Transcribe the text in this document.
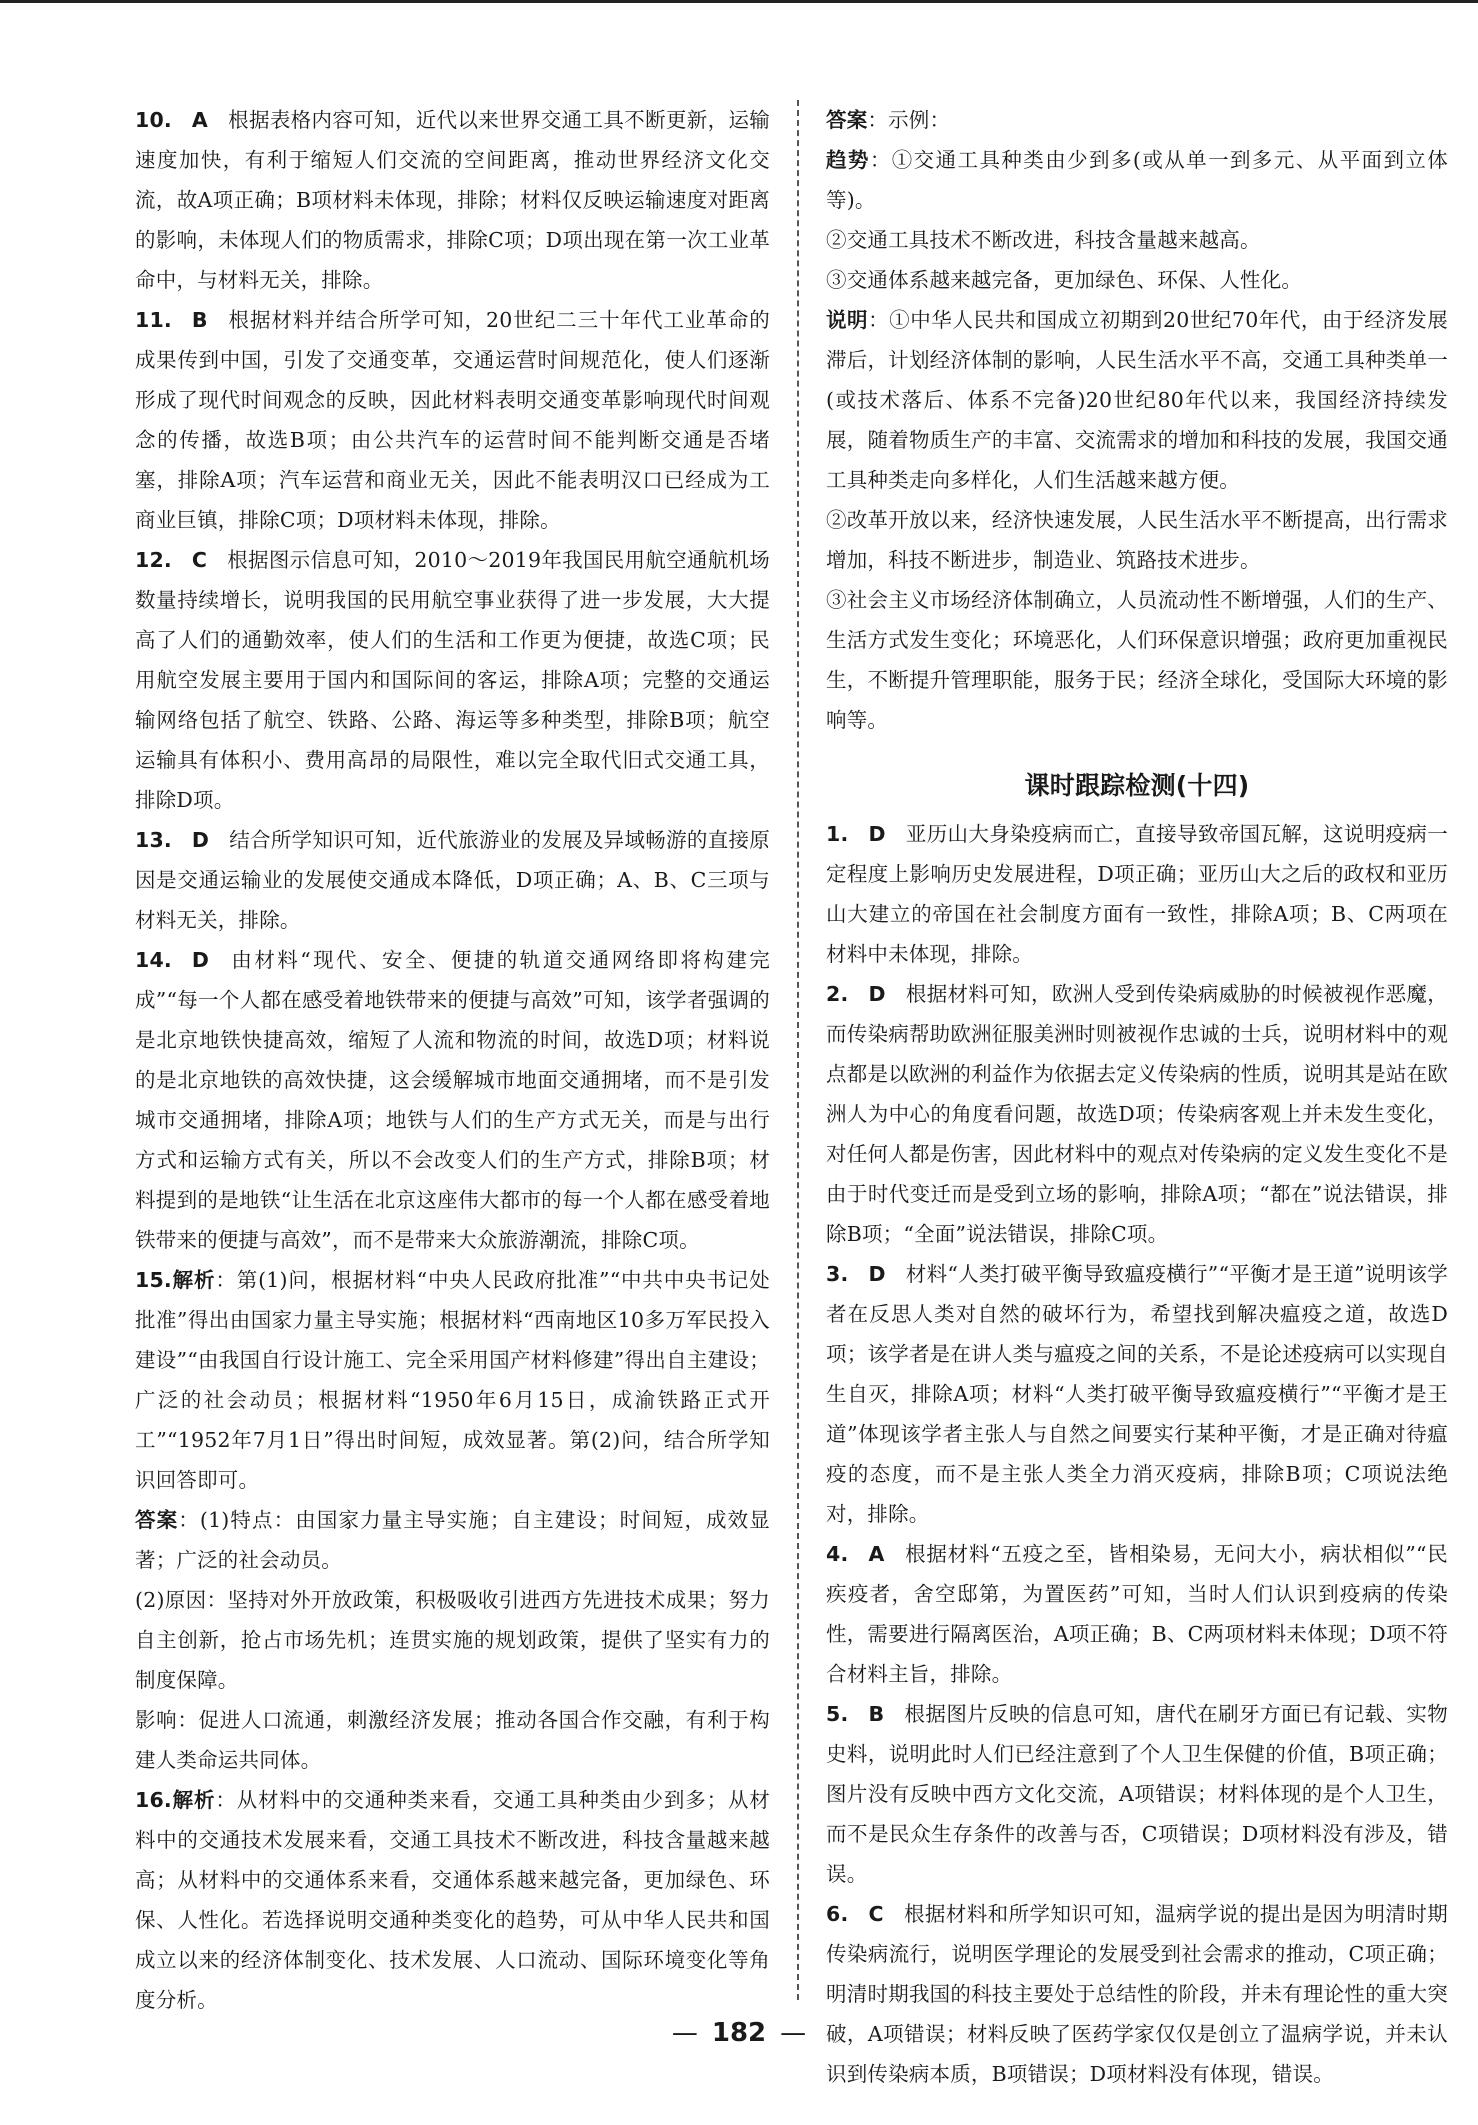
10. A 根据表格内容可知，近代以来世界交通工具不断更新，运输速度加快，有利于缩短人们交流的空间距离，推动世界经济文化交流，故A项正确；B项材料未体现，排除；材料仅反映运输速度对距离的影响，未体现人们的物质需求，排除C项；D项出现在第一次工业革命中，与材料无关，排除。

11. B 根据材料并结合所学可知，20世纪二三十年代工业革命的成果传到中国，引发了交通变革，交通运营时间规范化，使人们逐渐形成了现代时间观念的反映，因此材料表明交通变革影响现代时间观念的传播，故选B项；由公共汽车的运营时间不能判断交通是否堵塞，排除A项；汽车运营和商业无关，因此不能表明汉口已经成为工商业巨镇，排除C项；D项材料未体现，排除。

12. C 根据图示信息可知，2010～2019年我国民用航空通航机场数量持续增长，说明我国的民用航空事业获得了进一步发展，大大提高了人们的通勤效率，使人们的生活和工作更为便捷，故选C项；民用航空发展主要用于国内和国际间的客运，排除A项；完整的交通运输网络包括了航空、铁路、公路、海运等多种类型，排除B项；航空运输具有体积小、费用高昂的局限性，难以完全取代旧式交通工具，排除D项。

13. D 结合所学知识可知，近代旅游业的发展及异域畅游的直接原因是交通运输业的发展使交通成本降低，D项正确；A、B、C三项与材料无关，排除。

14. D 由材料“现代、安全、便捷的轨道交通网络即将构建完成”“每一个人都在感受着地铁带来的便捷与高效”可知，该学者强调的是北京地铁快捷高效，缩短了人流和物流的时间，故选D项；材料说的是北京地铁的高效快捷，这会缓解城市地面交通拥堵，而不是引发城市交通拥堵，排除A项；地铁与人们的生产方式无关，而是与出行方式和运输方式有关，所以不会改变人们的生产方式，排除B项；材料提到的是地铁“让生活在北京这座伟大都市的每一个人都在感受着地铁带来的便捷与高效”，而不是带来大众旅游潮流，排除C项。

15.解析：第(1)问，根据材料“中央人民政府批准”“中共中央书记处批准”得出由国家力量主导实施；根据材料“西南地区10多万军民投入建设”“由我国自行设计施工、完全采用国产材料修建”得出自主建设；广泛的社会动员；根据材料“1950年6月15日，成渝铁路正式开工”“1952年7月1日”得出时间短，成效显著。第(2)问，结合所学知识回答即可。

答案：(1)特点：由国家力量主导实施；自主建设；时间短，成效显著；广泛的社会动员。

(2)原因：坚持对外开放政策，积极吸收引进西方先进技术成果；努力自主创新，抢占市场先机；连贯实施的规划政策，提供了坚实有力的制度保障。

影响：促进人口流通，刺激经济发展；推动各国合作交融，有利于构建人类命运共同体。

16.解析：从材料中的交通种类来看，交通工具种类由少到多；从材料中的交通技术发展来看，交通工具技术不断改进，科技含量越来越高；从材料中的交通体系来看，交通体系越来越完备，更加绿色、环保、人性化。若选择说明交通种类变化的趋势，可从中华人民共和国成立以来的经济体制变化、技术发展、人口流动、国际环境变化等角度分析。

答案：示例：

趋势：①交通工具种类由少到多(或从单一到多元、从平面到立体等)。

②交通工具技术不断改进，科技含量越来越高。

③交通体系越来越完备，更加绿色、环保、人性化。

说明：①中华人民共和国成立初期到20世纪70年代，由于经济发展滞后，计划经济体制的影响，人民生活水平不高，交通工具种类单一(或技术落后、体系不完备)20世纪80年代以来，我国经济持续发展，随着物质生产的丰富、交流需求的增加和科技的发展，我国交通工具种类走向多样化，人们生活越来越方便。

②改革开放以来，经济快速发展，人民生活水平不断提高，出行需求增加，科技不断进步，制造业、筑路技术进步。

③社会主义市场经济体制确立，人员流动性不断增强，人们的生产、生活方式发生变化；环境恶化，人们环保意识增强；政府更加重视民生，不断提升管理职能，服务于民；经济全球化，受国际大环境的影响等。

课时跟踪检测(十四)

1. D 亚历山大身染疫病而亡，直接导致帝国瓦解，这说明疫病一定程度上影响历史发展进程，D项正确；亚历山大之后的政权和亚历山大建立的帝国在社会制度方面有一致性，排除A项；B、C两项在材料中未体现，排除。

2. D 根据材料可知，欧洲人受到传染病威胁的时候被视作恶魔，而传染病帮助欧洲征服美洲时则被视作忠诚的士兵，说明材料中的观点都是以欧洲的利益作为依据去定义传染病的性质，说明其是站在欧洲人为中心的角度看问题，故选D项；传染病客观上并未发生变化，对任何人都是伤害，因此材料中的观点对传染病的定义发生变化不是由于时代变迁而是受到立场的影响，排除A项；“都在”说法错误，排除B项；“全面”说法错误，排除C项。

3. D 材料“人类打破平衡导致瘟疫横行”“平衡才是王道”说明该学者在反思人类对自然的破坏行为，希望找到解决瘟疫之道，故选D项；该学者是在讲人类与瘟疫之间的关系，不是论述疫病可以实现自生自灭，排除A项；材料“人类打破平衡导致瘟疫横行”“平衡才是王道”体现该学者主张人与自然之间要实行某种平衡，才是正确对待瘟疫的态度，而不是主张人类全力消灭疫病，排除B项；C项说法绝对，排除。

4. A 根据材料“五疫之至，皆相染易，无问大小，病状相似”“民疾疫者，舍空邸第，为置医药”可知，当时人们认识到疫病的传染性，需要进行隔离医治，A项正确；B、C两项材料未体现；D项不符合材料主旨，排除。

5. B 根据图片反映的信息可知，唐代在刷牙方面已有记载、实物史料，说明此时人们已经注意到了个人卫生保健的价值，B项正确；图片没有反映中西方文化交流，A项错误；材料体现的是个人卫生，而不是民众生存条件的改善与否，C项错误；D项材料没有涉及，错误。

6. C 根据材料和所学知识可知，温病学说的提出是因为明清时期传染病流行，说明医学理论的发展受到社会需求的推动，C项正确；明清时期我国的科技主要处于总结性的阶段，并未有理论性的重大突破，A项错误；材料反映了医药学家仅仅是创立了温病学说，并未认识到传染病本质，B项错误；D项材料没有体现，错误。

— 182 —
